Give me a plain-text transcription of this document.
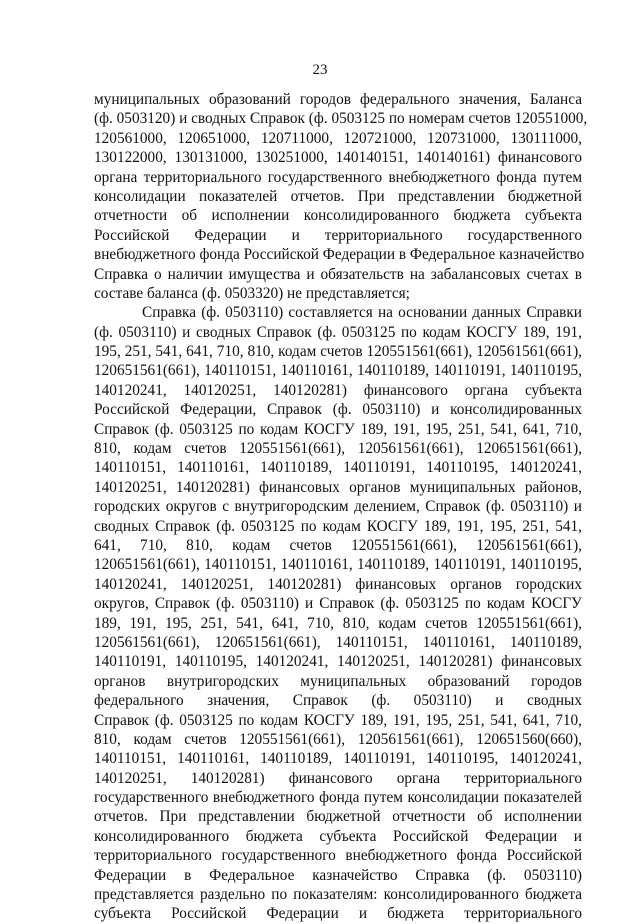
23
муниципальных образований городов федерального значения, Баланса
(ф. 0503120) и сводных Справок (ф. 0503125 по номерам счетов 120551000,
120561000, 120651000, 120711000, 120721000, 120731000, 130111000,
130122000, 130131000, 130251000, 140140151, 140140161) финансового
органа территориального государственного внебюджетного фонда путем
консолидации показателей отчетов. При представлении бюджетной
отчетности об исполнении консолидированного бюджета субъекта
Российской Федерации и территориального государственного
внебюджетного фонда Российской Федерации в Федеральное казначейство
Справка о наличии имущества и обязательств на забалансовых счетах в
составе баланса (ф. 0503320) не представляется;
Справка (ф. 0503110) составляется на основании данных Справки
(ф. 0503110) и сводных Справок (ф. 0503125 по кодам КОСГУ 189, 191,
195, 251, 541, 641, 710, 810, кодам счетов 120551561(661), 120561561(661),
120651561(661), 140110151, 140110161, 140110189, 140110191, 140110195,
140120241, 140120251, 140120281) финансового органа субъекта
Российской Федерации, Справок (ф. 0503110) и консолидированных
Справок (ф. 0503125 по кодам КОСГУ 189, 191, 195, 251, 541, 641, 710,
810, кодам счетов 120551561(661), 120561561(661), 120651561(661),
140110151, 140110161, 140110189, 140110191, 140110195, 140120241,
140120251, 140120281) финансовых органов муниципальных районов,
городских округов с внутригородским делением, Справок (ф. 0503110) и
сводных Справок (ф. 0503125 по кодам КОСГУ 189, 191, 195, 251, 541,
641, 710, 810, кодам счетов 120551561(661), 120561561(661),
120651561(661), 140110151, 140110161, 140110189, 140110191, 140110195,
140120241, 140120251, 140120281) финансовых органов городских
округов, Справок (ф. 0503110) и Справок (ф. 0503125 по кодам КОСГУ
189, 191, 195, 251, 541, 641, 710, 810, кодам счетов 120551561(661),
120561561(661), 120651561(661), 140110151, 140110161, 140110189,
140110191, 140110195, 140120241, 140120251, 140120281) финансовых
органов внутригородских муниципальных образований городов
федерального значения, Справок (ф. 0503110) и сводных
Справок (ф. 0503125 по кодам КОСГУ 189, 191, 195, 251, 541, 641, 710,
810, кодам счетов 120551561(661), 120561561(661), 120651560(660),
140110151, 140110161, 140110189, 140110191, 140110195, 140120241,
140120251, 140120281) финансового органа территориального
государственного внебюджетного фонда путем консолидации показателей
отчетов. При представлении бюджетной отчетности об исполнении
консолидированного бюджета субъекта Российской Федерации и
территориального государственного внебюджетного фонда Российской
Федерации в Федеральное казначейство Справка (ф. 0503110)
представляется раздельно по показателям: консолидированного бюджета
субъекта Российской Федерации и бюджета территориального
